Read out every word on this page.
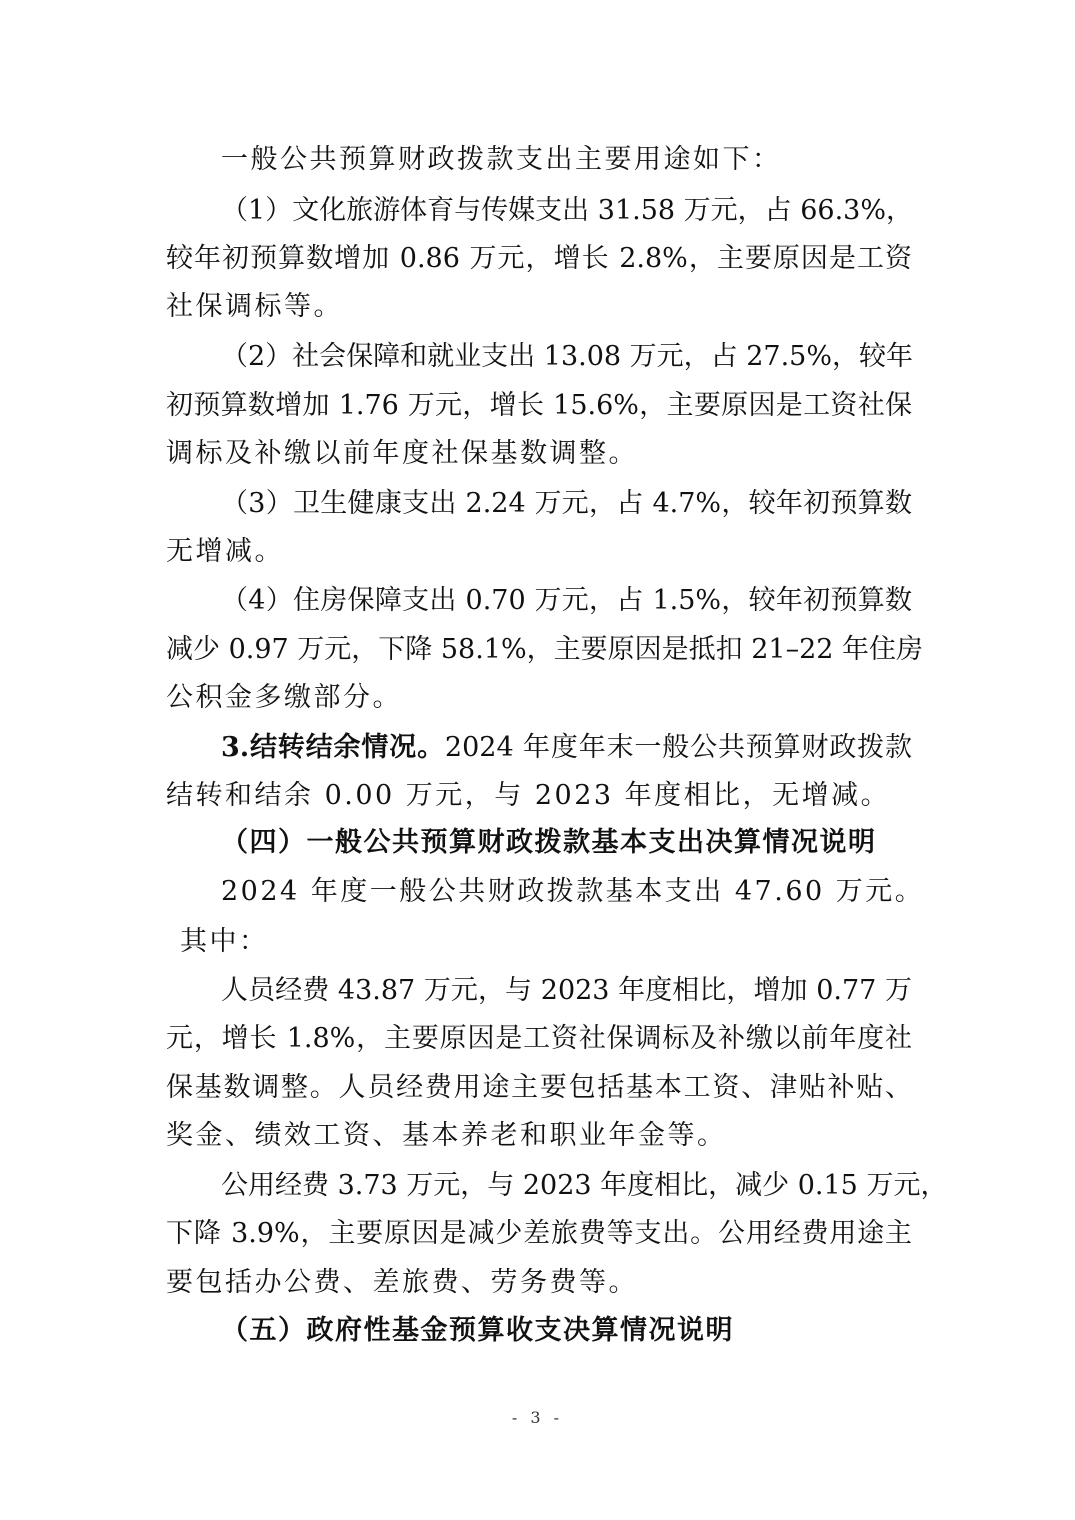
一般公共预算财政拨款支出主要用途如下：
（1）文化旅游体育与传媒支出 31.58 万元，占 66.3%，
较年初预算数增加 0.86 万元，增长 2.8%，主要原因是工资
社保调标等。
（2）社会保障和就业支出 13.08 万元，占 27.5%，较年
初预算数增加 1.76 万元，增长 15.6%，主要原因是工资社保
调标及补缴以前年度社保基数调整。
（3）卫生健康支出 2.24 万元，占 4.7%，较年初预算数
无增减。
（4）住房保障支出 0.70 万元，占 1.5%，较年初预算数
减少 0.97 万元，下降 58.1%，主要原因是抵扣 21–22 年住房
公积金多缴部分。
3.结转结余情况。2024 年度年末一般公共预算财政拨款
结转和结余 0.00 万元，与 2023 年度相比，无增减。
（四）一般公共预算财政拨款基本支出决算情况说明
2024 年度一般公共财政拨款基本支出 47.60 万元。
其中：
人员经费 43.87 万元，与 2023 年度相比，增加 0.77 万
元，增长 1.8%，主要原因是工资社保调标及补缴以前年度社
保基数调整。人员经费用途主要包括基本工资、津贴补贴、
奖金、绩效工资、基本养老和职业年金等。
公用经费 3.73 万元，与 2023 年度相比，减少 0.15 万元，
下降 3.9%，主要原因是减少差旅费等支出。公用经费用途主
要包括办公费、差旅费、劳务费等。
（五）政府性基金预算收支决算情况说明
- 3 -
